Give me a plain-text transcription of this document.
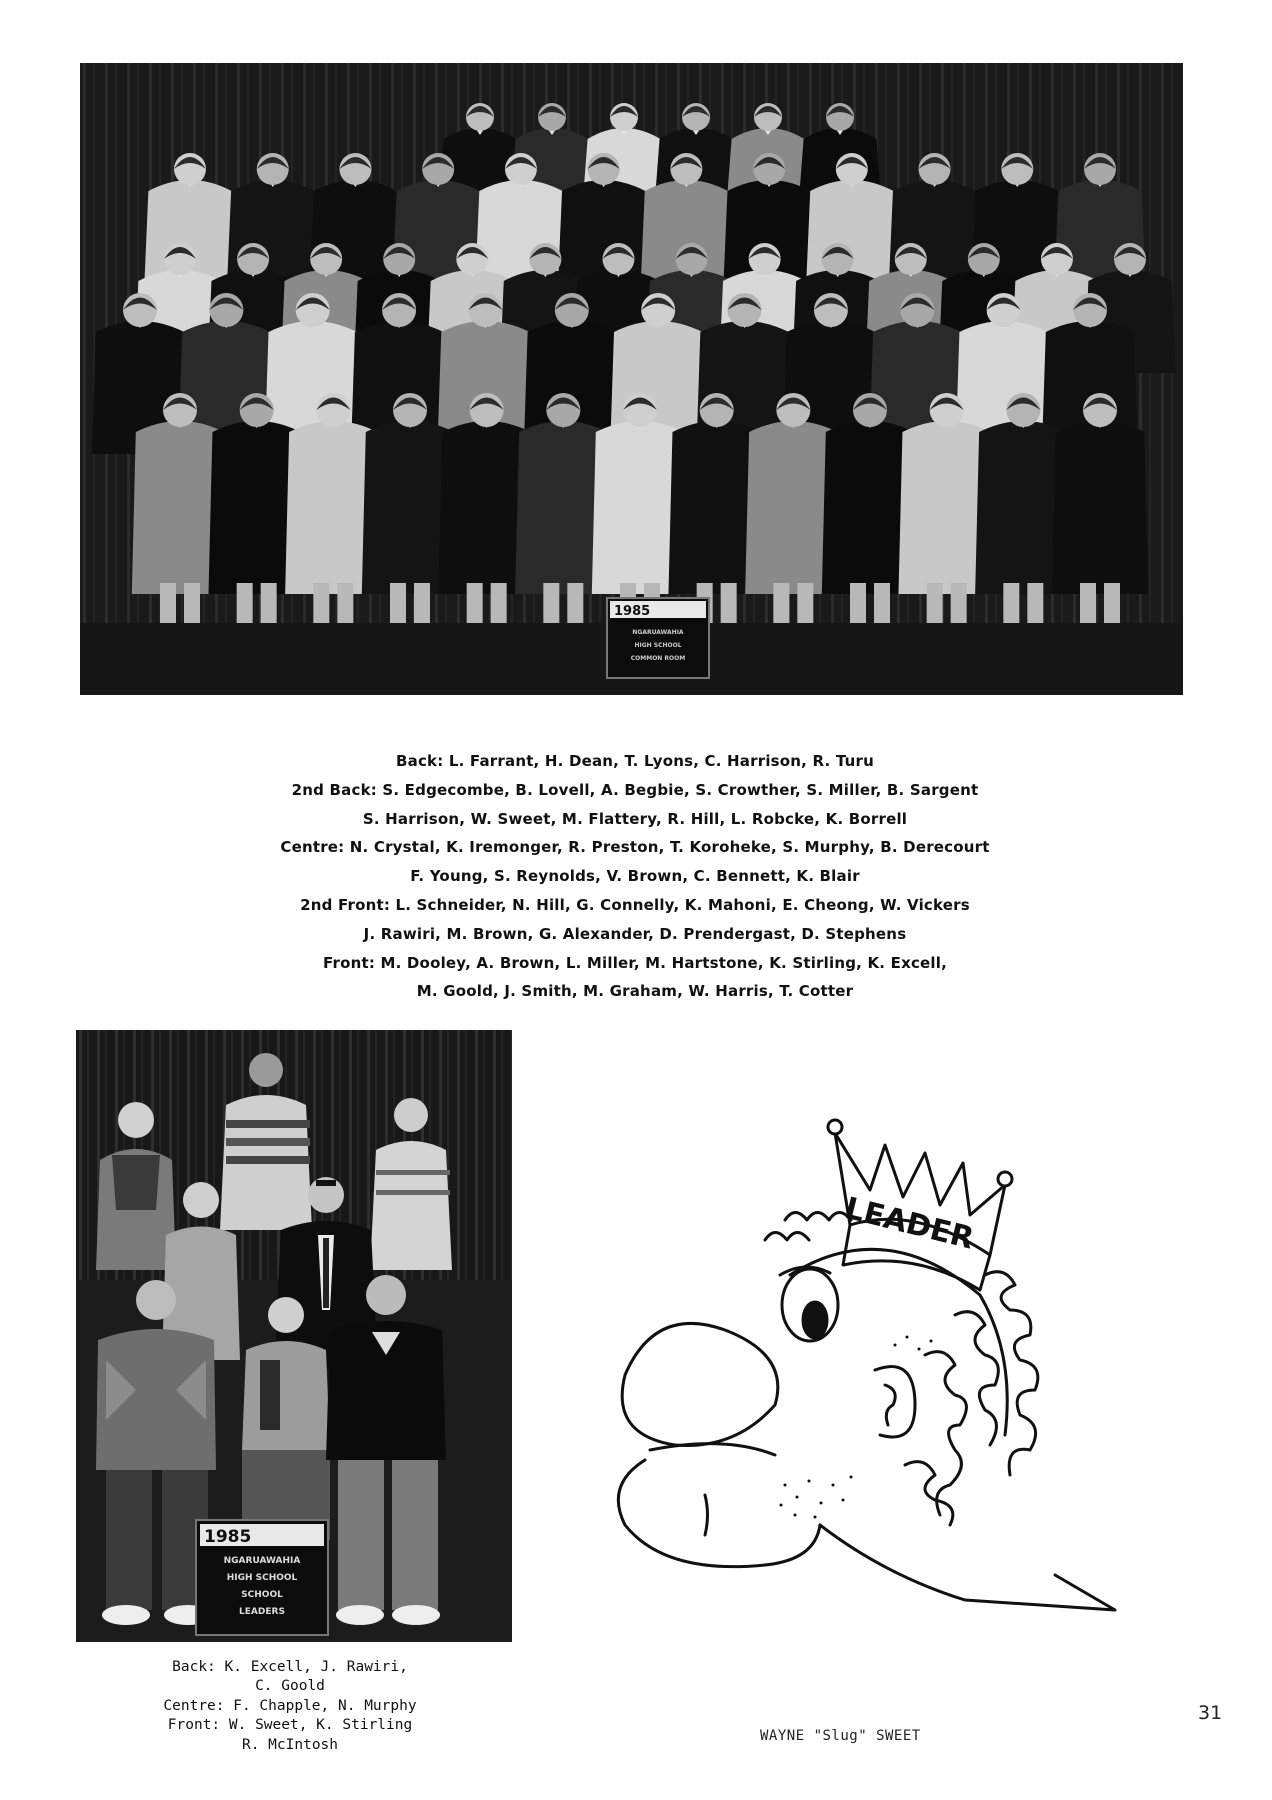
1985
NGARUAWAHIA
HIGH SCHOOL
COMMON ROOM
Back: L. Farrant, H. Dean, T. Lyons, C. Harrison, R. Turu
2nd Back: S. Edgecombe, B. Lovell, A. Begbie, S. Crowther, S. Miller, B. Sargent
S. Harrison, W. Sweet, M. Flattery, R. Hill, L. Robcke, K. Borrell
Centre: N. Crystal, K. Iremonger, R. Preston, T. Koroheke, S. Murphy, B. Derecourt
F. Young, S. Reynolds, V. Brown, C. Bennett, K. Blair
2nd Front: L. Schneider, N. Hill, G. Connelly, K. Mahoni, E. Cheong, W. Vickers
J. Rawiri, M. Brown, G. Alexander, D. Prendergast, D. Stephens
Front: M. Dooley, A. Brown, L. Miller, M. Hartstone, K. Stirling, K. Excell,
M. Goold, J. Smith, M. Graham, W. Harris, T. Cotter
1985
NGARUAWAHIA
HIGH SCHOOL
SCHOOL
LEADERS
Back: K. Excell, J. Rawiri,
C. Goold
Centre: F. Chapple, N. Murphy
Front: W. Sweet, K. Stirling
R. McIntosh
LEADER
WAYNE "Slug" SWEET
31
